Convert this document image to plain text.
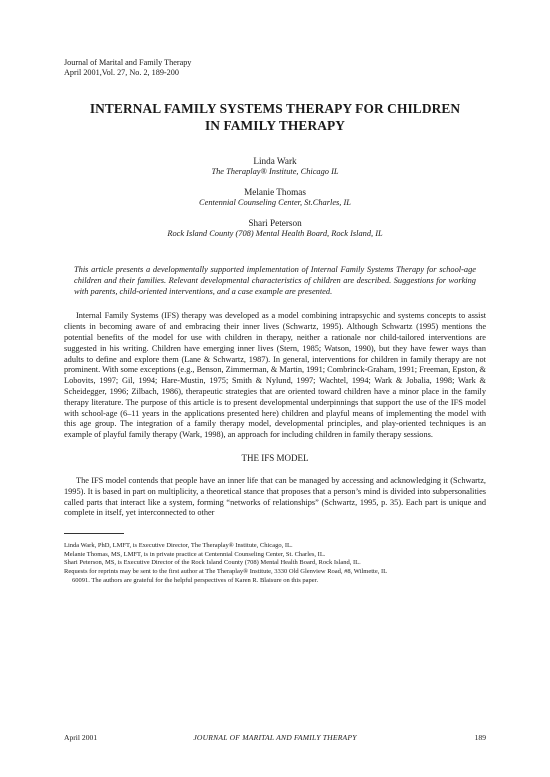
Journal of Marital and Family Therapy
April 2001,Vol. 27, No. 2, 189-200
INTERNAL FAMILY SYSTEMS THERAPY FOR CHILDREN
IN FAMILY THERAPY
Linda Wark
The Theraplay® Institute, Chicago IL
Melanie Thomas
Centennial Counseling Center, St.Charles, IL
Shari Peterson
Rock Island County (708) Mental Health Board, Rock Island, IL

This article presents a developmentally supported implementation of Internal Family Systems Therapy for school-age children and their families. Relevant developmental characteristics of children are described. Suggestions for working with parents, child-oriented interventions, and a case example are presented.

Internal Family Systems (IFS) therapy was developed as a model combining intrapsychic and systems concepts to assist clients in becoming aware of and embracing their inner lives (Schwartz, 1995). Although Schwartz (1995) mentions the potential benefits of the model for use with children in therapy, neither a rationale nor child-tailored interventions are suggested in his writing. Children have emerging inner lives (Stern, 1985; Watson, 1990), but they have fewer ways than adults to define and explore them (Lane & Schwartz, 1987). In general, interventions for children in family therapy are not prominent. With some exceptions (e.g., Benson, Zimmerman, & Martin, 1991; Combrinck-Graham, 1991; Freeman, Epston, & Lobovits, 1997; Gil, 1994; Hare-Mustin, 1975; Smith & Nylund, 1997; Wachtel, 1994; Wark & Jobalia, 1998; Wark & Scheidegger, 1996; Zilbach, 1986), therapeutic strategies that are oriented toward children have a minor place in the family therapy literature. The purpose of this article is to present developmental underpinnings that support the use of the IFS model with school-age (6–11 years in the applications presented here) children and playful means of implementing the model with this age group. The integration of a family therapy model, developmental principles, and play-oriented techniques is an example of playful family therapy (Wark, 1998), an approach for including children in family therapy sessions.

THE IFS MODEL

The IFS model contends that people have an inner life that can be managed by accessing and acknowledging it (Schwartz, 1995). It is based in part on multiplicity, a theoretical stance that proposes that a person’s mind is divided into subpersonalities called parts that interact like a system, forming “networks of relationships” (Schwartz, 1995, p. 35). Each part is unique and complete in itself, yet interconnected to other

Linda Wark, PhD, LMFT, is Executive Director, The Theraplay® Institute, Chicago, IL.

Melanie Thomas, MS, LMFT, is in private practice at Centennial Counseling Center, St. Charles, IL.

Shari Peterson, MS, is Executive Director of the Rock Island County (708) Mental Health Board, Rock Island, IL.

Requests for reprints may be sent to the first author at The Theraplay® Institute, 3330 Old Glenview Road, #8, Wilmette, IL

60091. The authors are grateful for the helpful perspectives of Karen R. Blaisure on this paper.

April 2001	JOURNAL OF MARITAL AND FAMILY THERAPY	189
